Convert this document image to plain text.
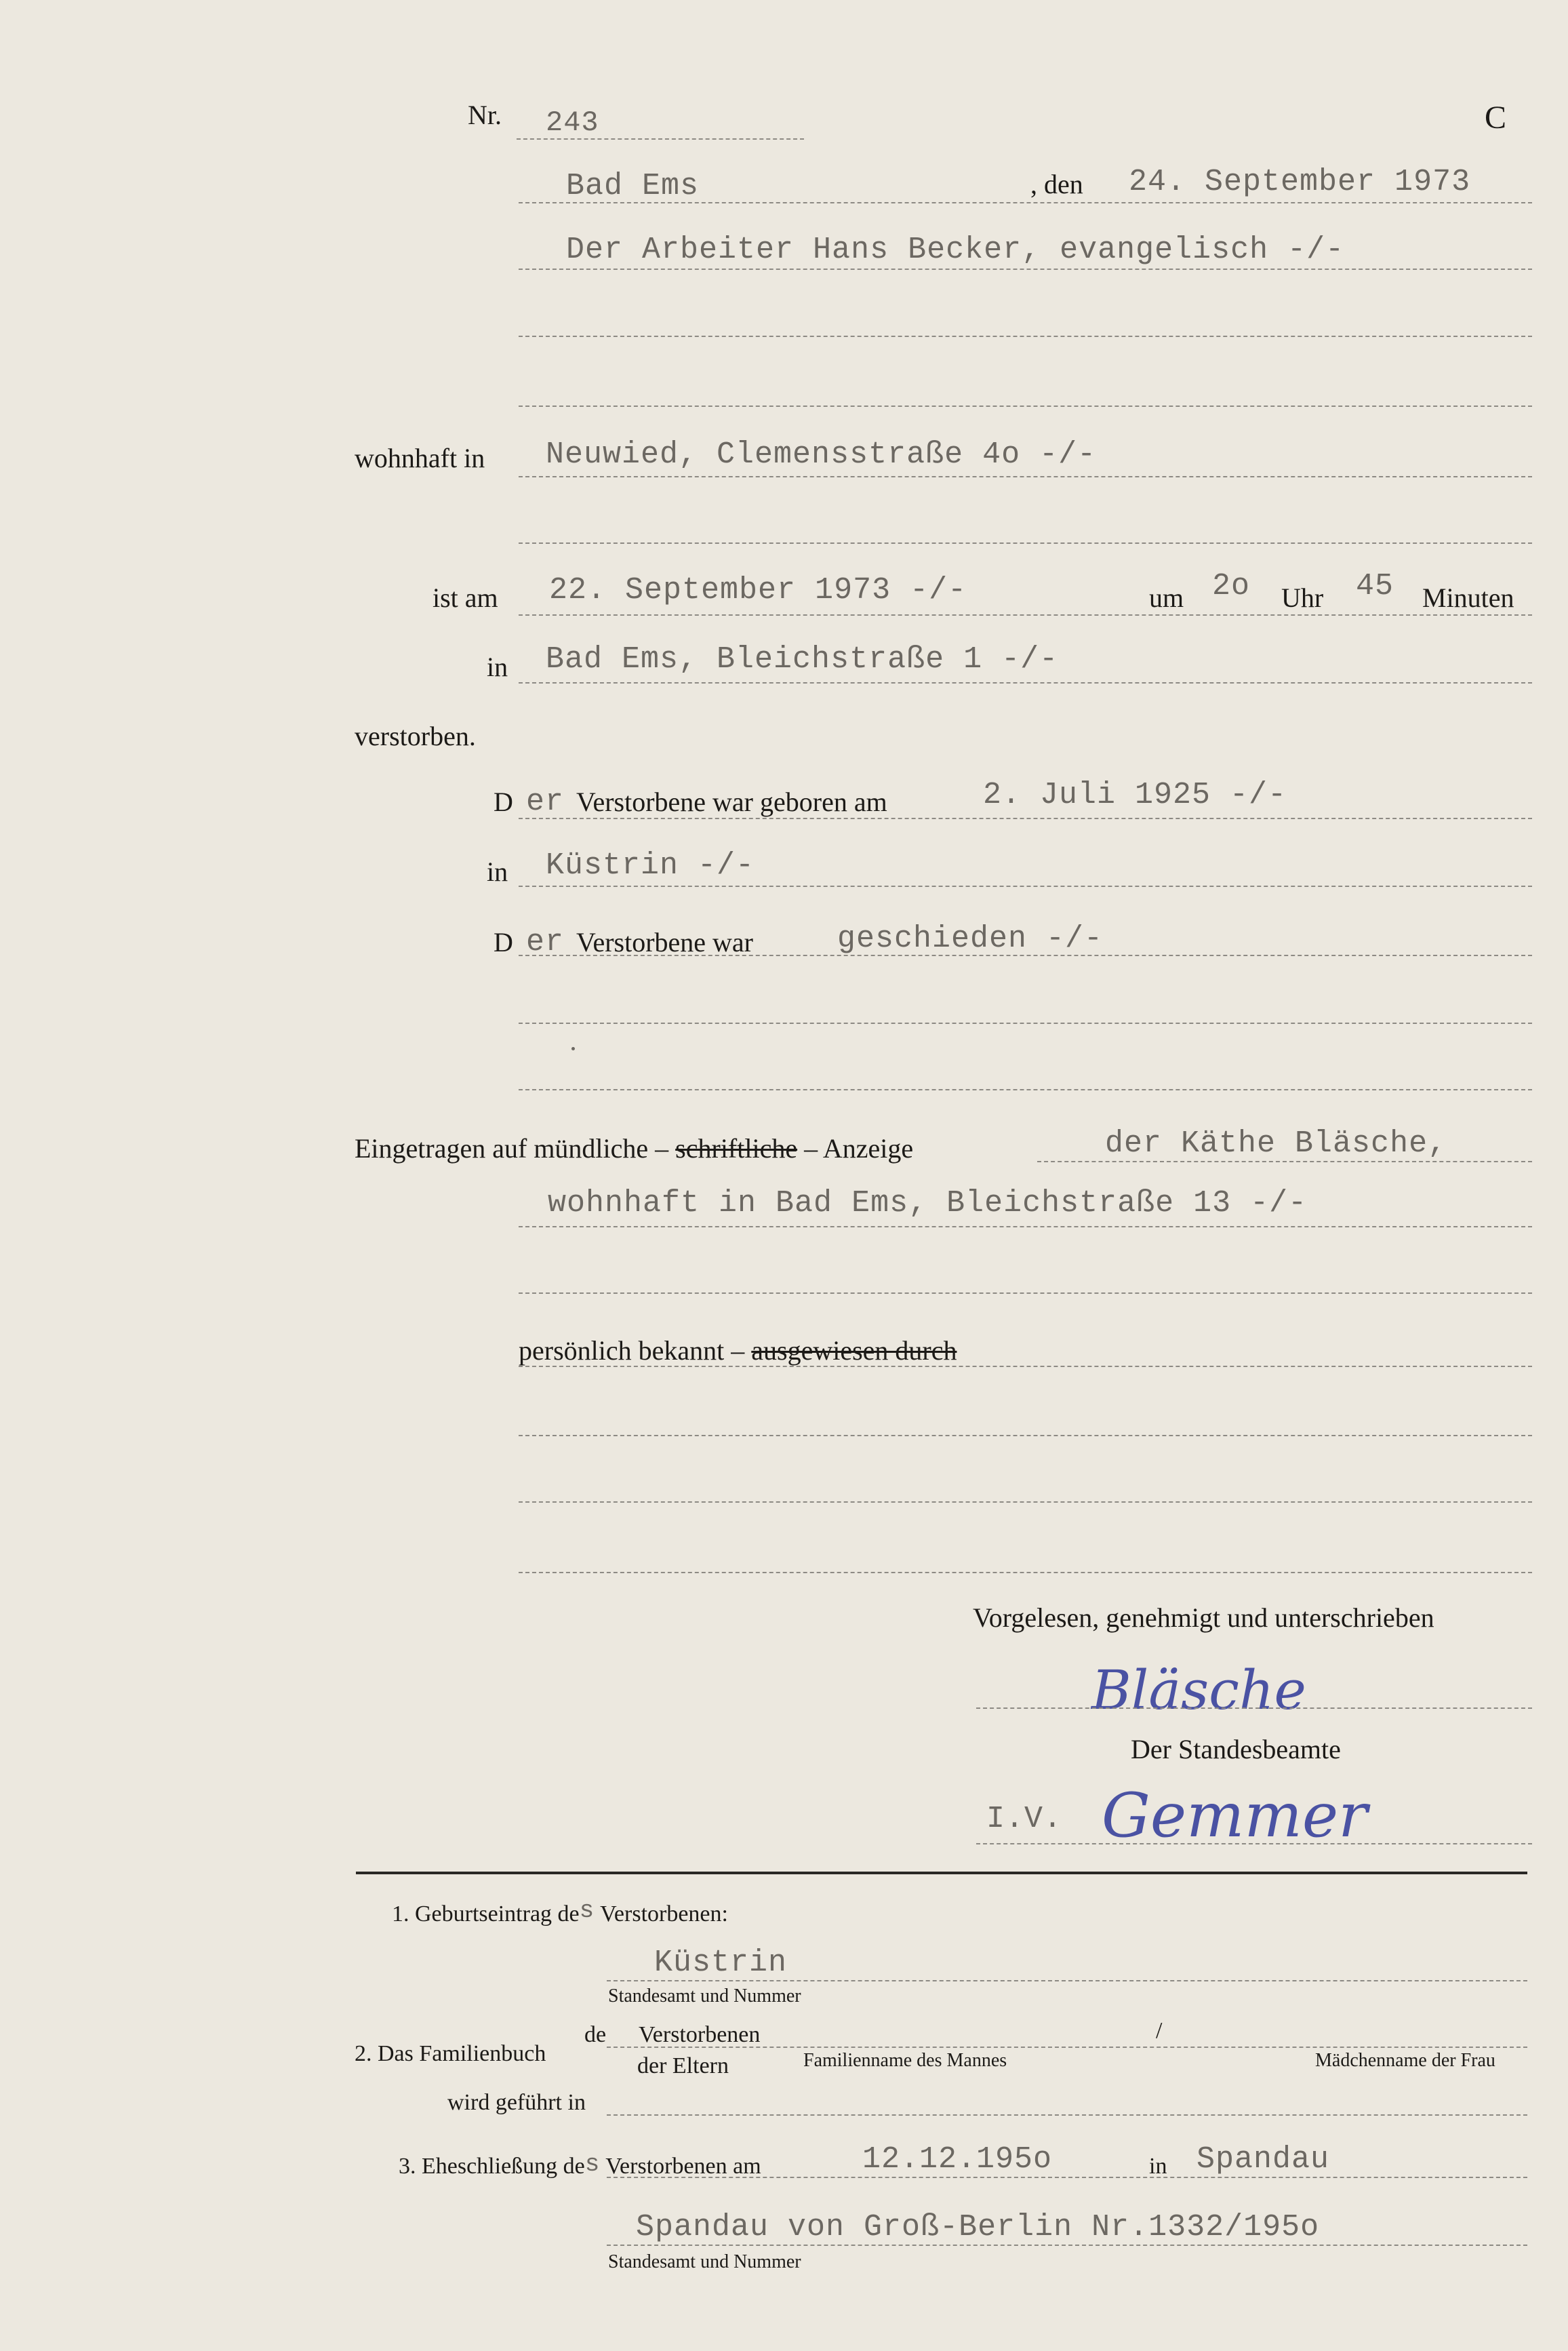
Nr. 243	C
Bad Ems	, den 24. September 1973
Der Arbeiter Hans Becker, evangelisch -/-
wohnhaft in Neuwied, Clemensstraße 4o -/-
ist am 22. September 1973 -/-	um 2o Uhr 45 Minuten
in Bad Ems, Bleichstraße 1 -/-
verstorben.
D er Verstorbene war geboren am	2. Juli 1925 -/-
in Küstrin -/-
D er Verstorbene war	geschieden -/-
Eingetragen auf mündliche – schriftliche – Anzeige	der Käthe Bläsche,
wohnhaft in Bad Ems, Bleichstraße 13 -/-
persönlich bekannt – ausgewiesen durch
Vorgelesen, genehmigt und unterschrieben
Bläsche
Der Standesbeamte
I.V. Gemmer
1. Geburtseintrag des Verstorbenen:
Küstrin
Standesamt und Nummer
2. Das Familienbuch
de Verstorbenen
der Eltern
/
Familienname des Mannes	Mädchenname der Frau
wird geführt in
3. Eheschließung des Verstorbenen am	12.12.195o	in Spandau
Spandau von Groß-Berlin Nr.1332/195o
Standesamt und Nummer
